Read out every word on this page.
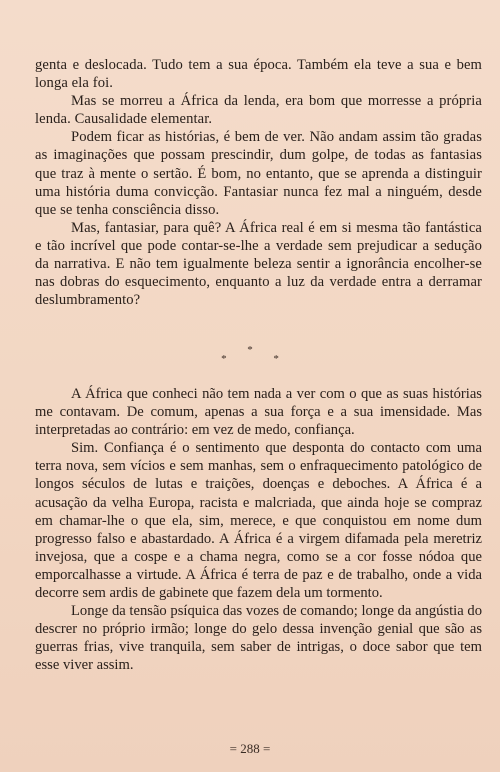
genta e deslocada. Tudo tem a sua época. Também ela teve a sua e bem longa ela foi.

Mas se morreu a África da lenda, era bom que morresse a própria lenda. Causalidade elementar.

Podem ficar as histórias, é bem de ver. Não andam assim tão gradas as imaginações que possam prescindir, dum golpe, de todas as fantasias que traz à mente o sertão. É bom, no entanto, que se aprenda a distinguir uma história duma convicção. Fantasiar nunca fez mal a ninguém, desde que se tenha consciência disso.

Mas, fantasiar, para quê? A África real é em si mesma tão fantástica e tão incrível que pode contar-se-lhe a verdade sem prejudicar a sedução da narrativa. E não tem igualmente beleza sentir a ignorância encolher-se nas dobras do esquecimento, enquanto a luz da verdade entra a derramar deslumbramento?

*
* *

A África que conheci não tem nada a ver com o que as suas histórias me contavam. De comum, apenas a sua força e a sua imensidade. Mas interpretadas ao contrário: em vez de medo, confiança.

Sim. Confiança é o sentimento que desponta do contacto com uma terra nova, sem vícios e sem manhas, sem o enfraquecimento patológico de longos séculos de lutas e traições, doenças e deboches. A África é a acusação da velha Europa, racista e malcriada, que ainda hoje se compraz em chamar-lhe o que ela, sim, merece, e que conquistou em nome dum progresso falso e abastardado. A África é a virgem difamada pela meretriz invejosa, que a cospe e a chama negra, como se a cor fosse nódoa que emporcalhasse a virtude. A África é terra de paz e de trabalho, onde a vida decorre sem ardis de gabinete que fazem dela um tormento.

Longe da tensão psíquica das vozes de comando; longe da angústia do descrer no próprio irmão; longe do gelo dessa invenção genial que são as guerras frias, vive tranquila, sem saber de intrigas, o doce sabor que tem esse viver assim.

= 288 =
